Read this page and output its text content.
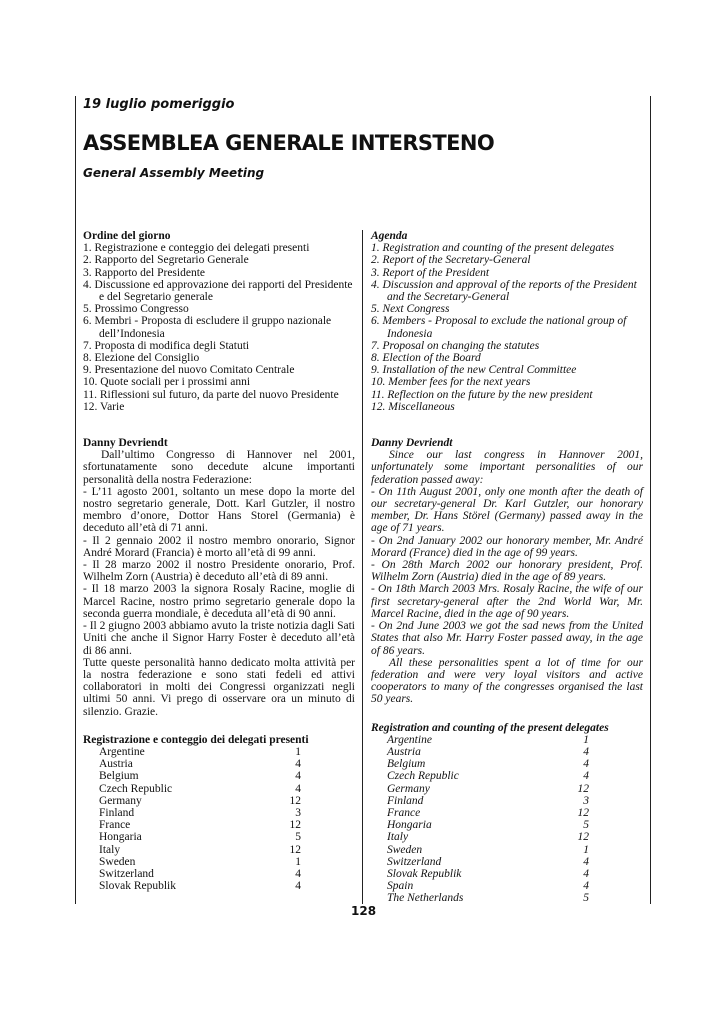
19 luglio pomeriggio
ASSEMBLEA GENERALE INTERSTENO
General Assembly Meeting
Ordine del giorno
1. Registrazione e conteggio dei delegati presenti
2. Rapporto del Segretario Generale
3. Rapporto del Presidente
4. Discussione ed approvazione dei rapporti del Presidente e del Segretario generale
5. Prossimo Congresso
6. Membri - Proposta di escludere il gruppo nazionale dell’Indonesia
7. Proposta di modifica degli Statuti
8. Elezione del Consiglio
9. Presentazione del nuovo Comitato Centrale
10. Quote sociali per i prossimi anni
11. Riflessioni sul futuro, da parte del nuovo Presidente
12. Varie
Danny Devriendt
Dall’ultimo Congresso di Hannover nel 2001, sfortunatamente sono decedute alcune importanti personalità della nostra Federazione:
- L’11 agosto 2001, soltanto un mese dopo la morte del nostro segretario generale, Dott. Karl Gutzler, il nostro membro d’onore, Dottor Hans Storel (Germania) è deceduto all’età di 71 anni.
- Il 2 gennaio 2002 il nostro membro onorario, Signor André Morard (Francia) è morto all’età di 99 anni.
- Il 28 marzo 2002 il nostro Presidente onorario, Prof. Wilhelm Zorn (Austria) è deceduto all’età di 89 anni.
- Il 18 marzo 2003 la signora Rosaly Racine, moglie di Marcel Racine, nostro primo segretario generale dopo la seconda guerra mondiale, è deceduta all’età di 90 anni.
- Il 2 giugno 2003 abbiamo avuto la triste notizia dagli Sati Uniti che anche il Signor Harry Foster è deceduto all’età di 86 anni.
Tutte queste personalità hanno dedicato molta attività per la nostra federazione e sono stati fedeli ed attivi collaboratori in molti dei Congressi organizzati negli ultimi 50 anni. Vi prego di osservare ora un minuto di silenzio. Grazie.
Registrazione e conteggio dei delegati presenti
Argentine	1
Austria	4
Belgium	4
Czech Republic	4
Germany	12
Finland	3
France	12
Hongaria	5
Italy	12
Sweden	1
Switzerland	4
Slovak Republik	4
Agenda
1. Registration and counting of the present delegates
2. Report of the Secretary-General
3. Report of the President
4. Discussion and approval of the reports of the President and the Secretary-General
5. Next Congress
6. Members - Proposal to exclude the national group of Indonesia
7. Proposal on changing the statutes
8. Election of the Board
9. Installation of the new Central Committee
10. Member fees for the next years
11. Reflection on the future by the new president
12. Miscellaneous
Danny Devriendt
Since our last congress in Hannover 2001, unfortunately some important personalities of our federation passed away:
- On 11th August 2001, only one month after the death of our secretary-general Dr. Karl Gutzler, our honorary member, Dr. Hans Störel (Germany) passed away in the age of 71 years.
- On 2nd January 2002 our honorary member, Mr. André Morard (France) died in the age of 99 years.
- On 28th March 2002 our honorary president, Prof. Wilhelm Zorn (Austria) died in the age of 89 years.
- On 18th March 2003 Mrs. Rosaly Racine, the wife of our first secretary-general after the 2nd World War, Mr. Marcel Racine, died in the age of 90 years.
- On 2nd June 2003 we got the sad news from the United States that also Mr. Harry Foster passed away, in the age of 86 years.
All these personalities spent a lot of time for our federation and were very loyal visitors and active cooperators to many of the congresses organised the last 50 years.
Registration and counting of the present delegates
Argentine	1
Austria	4
Belgium	4
Czech Republic	4
Germany	12
Finland	3
France	12
Hongaria	5
Italy	12
Sweden	1
Switzerland	4
Slovak Republik	4
Spain	4
The Netherlands	5
128
